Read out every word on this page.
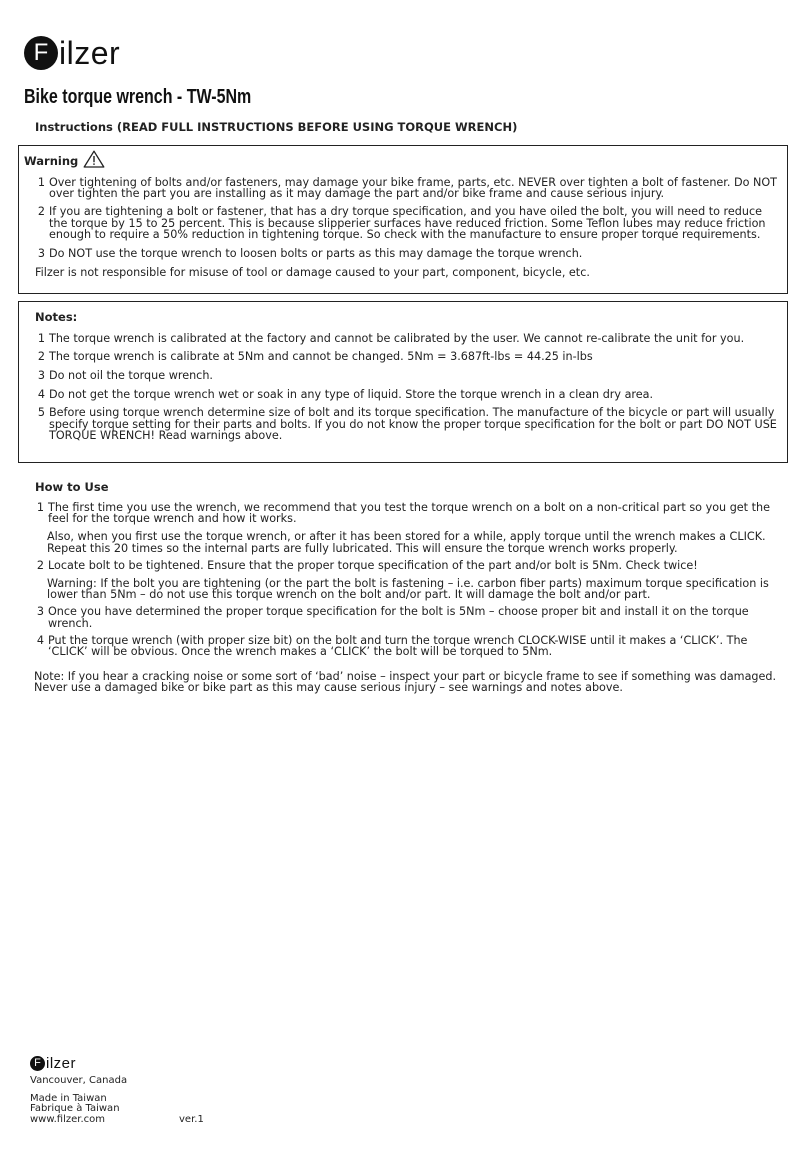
F ilzer
Bike torque wrench - TW-5Nm
Instructions (READ FULL INSTRUCTIONS BEFORE USING TORQUE WRENCH)
Warning
1 Over tightening of bolts and/or fasteners, may damage your bike frame, parts, etc. NEVER over tighten a bolt of fastener. Do NOT over tighten the part you are installing as it may damage the part and/or bike frame and cause serious injury.
2 If you are tightening a bolt or fastener, that has a dry torque specification, and you have oiled the bolt, you will need to reduce the torque by 15 to 25 percent. This is because slipperier surfaces have reduced friction. Some Teflon lubes may reduce friction enough to require a 50% reduction in tightening torque. So check with the manufacture to ensure proper torque requirements.
3 Do NOT use the torque wrench to loosen bolts or parts as this may damage the torque wrench.
Filzer is not responsible for misuse of tool or damage caused to your part, component, bicycle, etc.
Notes:
1 The torque wrench is calibrated at the factory and cannot be calibrated by the user. We cannot re-calibrate the unit for you.
2 The torque wrench is calibrate at 5Nm and cannot be changed. 5Nm = 3.687ft-lbs = 44.25 in-lbs
3 Do not oil the torque wrench.
4 Do not get the torque wrench wet or soak in any type of liquid. Store the torque wrench in a clean dry area.
5 Before using torque wrench determine size of bolt and its torque specification. The manufacture of the bicycle or part will usually specify torque setting for their parts and bolts. If you do not know the proper torque specification for the bolt or part DO NOT USE TORQUE WRENCH! Read warnings above.
How to Use
1 The first time you use the wrench, we recommend that you test the torque wrench on a bolt on a non-critical part so you get the feel for the torque wrench and how it works.
Also, when you first use the torque wrench, or after it has been stored for a while, apply torque until the wrench makes a CLICK. Repeat this 20 times so the internal parts are fully lubricated. This will ensure the torque wrench works properly.
2 Locate bolt to be tightened. Ensure that the proper torque specification of the part and/or bolt is 5Nm. Check twice!
Warning: If the bolt you are tightening (or the part the bolt is fastening – i.e. carbon fiber parts) maximum torque specification is lower than 5Nm – do not use this torque wrench on the bolt and/or part. It will damage the bolt and/or part.
3 Once you have determined the proper torque specification for the bolt is 5Nm – choose proper bit and install it on the torque wrench.
4 Put the torque wrench (with proper size bit) on the bolt and turn the torque wrench CLOCK-WISE until it makes a ‘CLICK’. The ‘CLICK’ will be obvious. Once the wrench makes a ‘CLICK’ the bolt will be torqued to 5Nm.
Note: If you hear a cracking noise or some sort of ‘bad’ noise – inspect your part or bicycle frame to see if something was damaged. Never use a damaged bike or bike part as this may cause serious injury – see warnings and notes above.
F ilzer
Vancouver, Canada
Made in Taiwan
Fabrique à Taiwan
www.filzer.com	ver.1
